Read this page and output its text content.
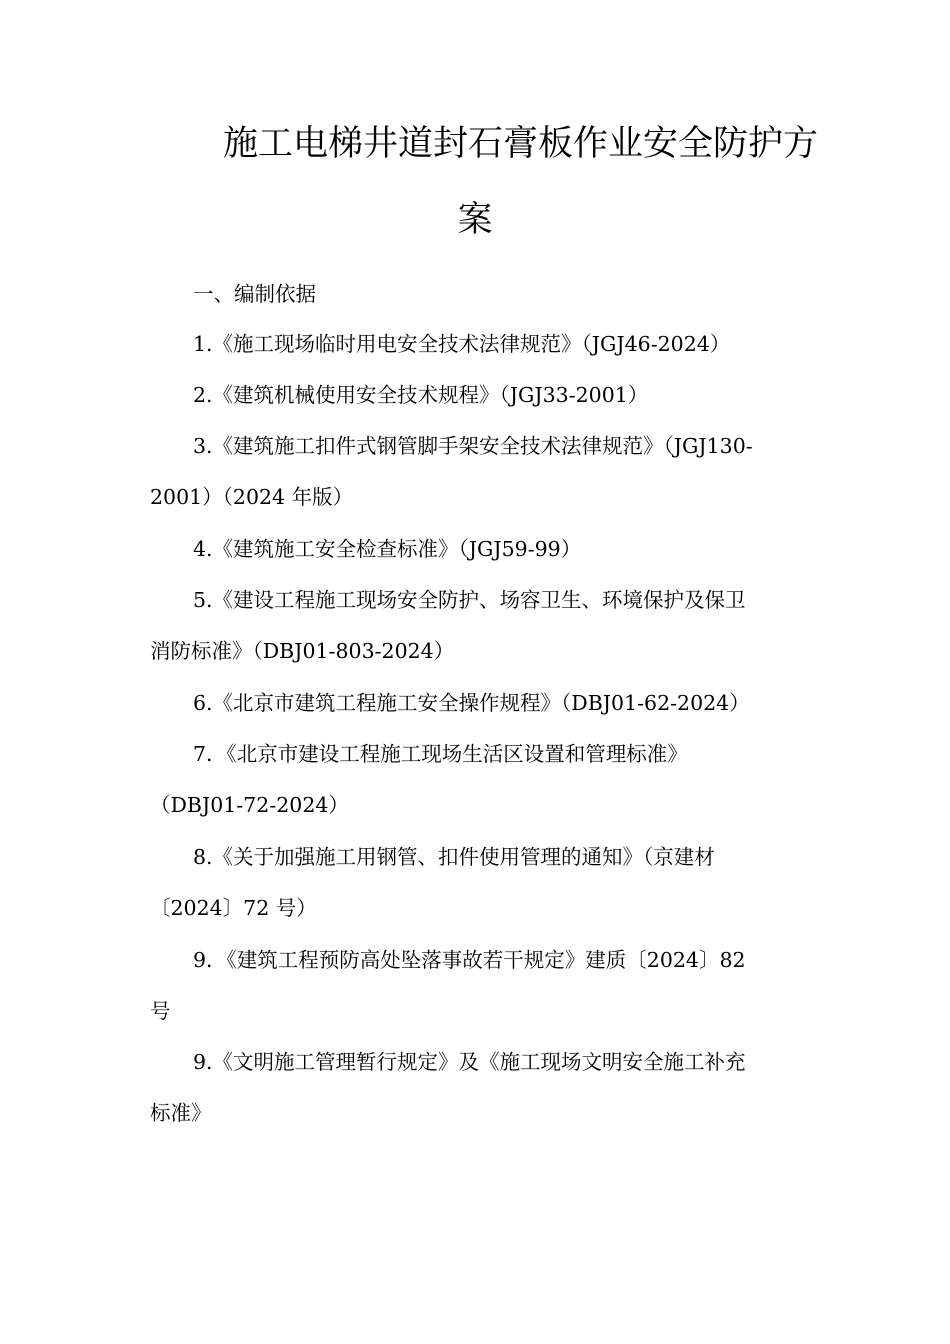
施工电梯井道封石膏板作业安全防护方
案

一、编制依据

1.《施工现场临时用电安全技术法律规范》（JGJ46-2024）

2.《建筑机械使用安全技术规程》（JGJ33-2001）

3.《建筑施工扣件式钢管脚手架安全技术法律规范》（JGJ130-

2001）（2024 年版）

4.《建筑施工安全检查标准》（JGJ59-99）

5.《建设工程施工现场安全防护、场容卫生、环境保护及保卫

消防标准》（DBJ01-803-2024）

6.《北京市建筑工程施工安全操作规程》（DBJ01-62-2024）

7．《北京市建设工程施工现场生活区设置和管理标准》

（DBJ01-72-2024）

8.《关于加强施工用钢管、扣件使用管理的通知》（京建材

〔2024〕72 号）

9．《建筑工程预防高处坠落事故若干规定》建质〔2024〕82

号

9.《文明施工管理暂行规定》及《施工现场文明安全施工补充

标准》
